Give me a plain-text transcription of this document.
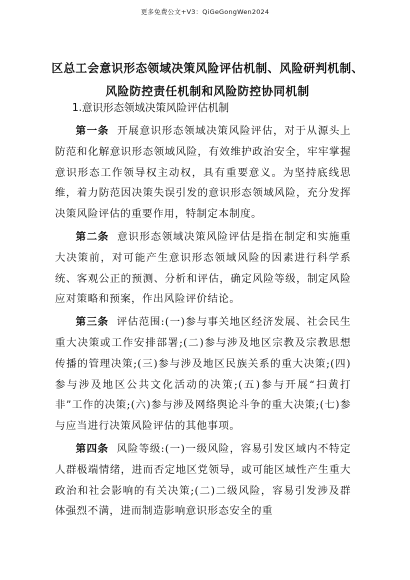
更多免费公文+V3：QiGeGongWen2024
区总工会意识形态领域决策风险评估机制、风险研判机制、
风险防控责任机制和风险防控协同机制
1.意识形态领域决策风险评估机制

第一条 开展意识形态领域决策风险评估，对于从源头上防范和化解意识形态领域风险，有效维护政治安全，牢牢掌握意识形态工作领导权主动权，具有重要意义。为坚持底线思维，着力防范因决策失误引发的意识形态领域风险，充分发挥决策风险评估的重要作用，特制定本制度。

第二条 意识形态领域决策风险评估是指在制定和实施重大决策前，对可能产生意识形态领域风险的因素进行科学系统、客观公正的预测、分析和评估，确定风险等级，制定风险应对策略和预案，作出风险评价结论。

第三条 评估范围:(一)参与事关地区经济发展、社会民生重大决策或工作安排部署;(二)参与涉及地区宗教及宗教思想传播的管理决策;(三)参与涉及地区民族关系的重大决策;(四)参与涉及地区公共文化活动的决策;(五)参与开展“扫黄打非”工作的决策;(六)参与涉及网络舆论斗争的重大决策;(七)参与应当进行决策风险评估的其他事项。

第四条 风险等级:(一)一级风险，容易引发区域内不特定人群极端情绪，进而否定地区党领导，或可能区域性产生重大政治和社会影响的有关决策;(二)二级风险，容易引发涉及群体强烈不满，进而制造影响意识形态安全的重
